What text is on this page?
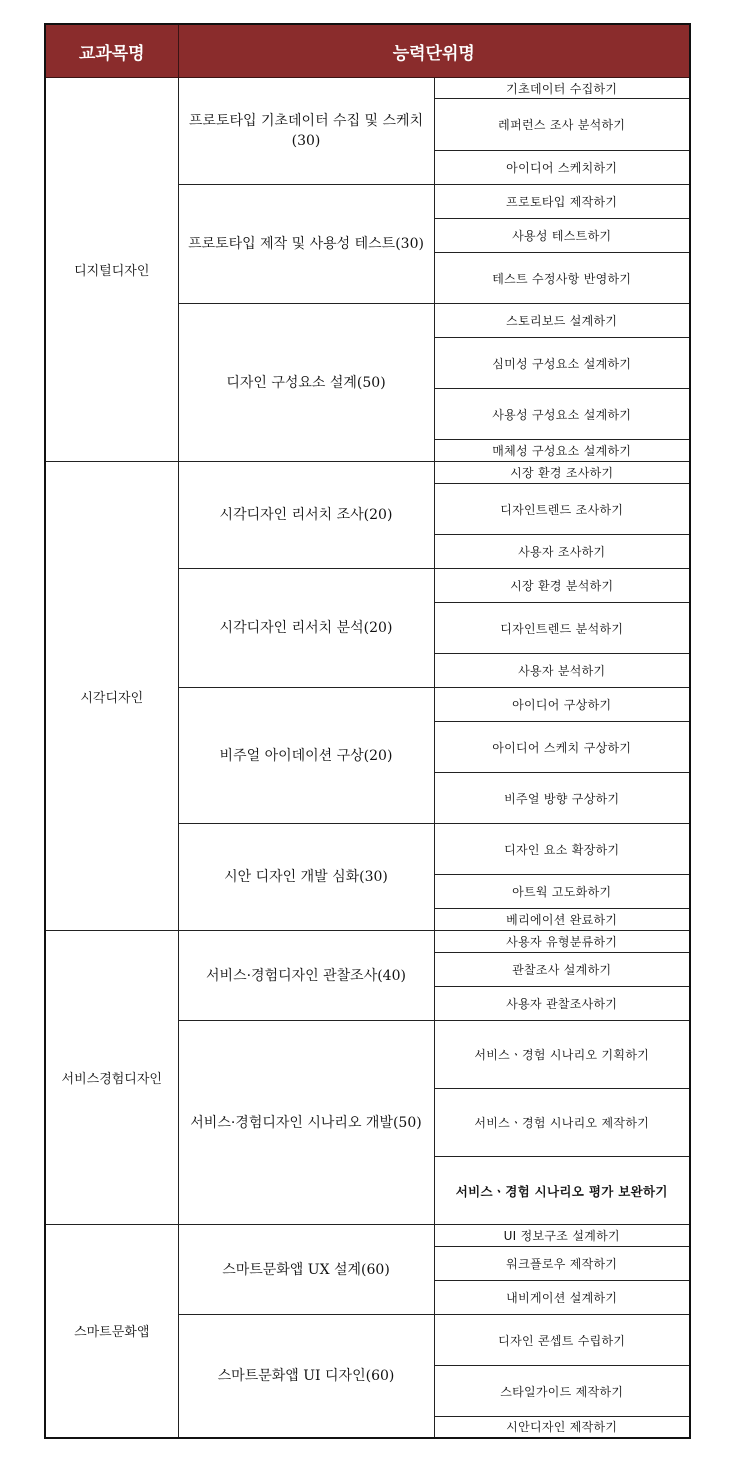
교과목명	능력단위명	
디지털디자인	프로토타입 기초데이터 수집 및 스케치(30)	기초데이터 수집하기
		레퍼런스 조사 분석하기
		아이디어 스케치하기
	프로토타입 제작 및 사용성 테스트(30)	프로토타입 제작하기
		사용성 테스트하기
		테스트 수정사항 반영하기
	디자인 구성요소 설계(50)	스토리보드 설계하기
		심미성 구성요소 설계하기
		사용성 구성요소 설계하기
		매체성 구성요소 설계하기
시각디자인	시각디자인 리서치 조사(20)	시장 환경 조사하기
		디자인트렌드 조사하기
		사용자 조사하기
	시각디자인 리서치 분석(20)	시장 환경 분석하기
		디자인트렌드 분석하기
		사용자 분석하기
	비주얼 아이데이션 구상(20)	아이디어 구상하기
		아이디어 스케치 구상하기
		비주얼 방향 구상하기
	시안 디자인 개발 심화(30)	디자인 요소 확장하기
		아트웍 고도화하기
		베리에이션 완료하기
서비스경험디자인	서비스·경험디자인 관찰조사(40)	사용자 유형분류하기
		관찰조사 설계하기
		사용자 관찰조사하기
	서비스·경험디자인 시나리오 개발(50)	서비스ㆍ경험 시나리오 기획하기
		서비스ㆍ경험 시나리오 제작하기
		서비스ㆍ경험 시나리오 평가 보완하기
스마트문화앱	스마트문화앱 UX 설계(60)	UI 정보구조 설계하기
		워크플로우 제작하기
		내비게이션 설계하기
	스마트문화앱 UI 디자인(60)	디자인 콘셉트 수립하기
		스타일가이드 제작하기
		시안디자인 제작하기
